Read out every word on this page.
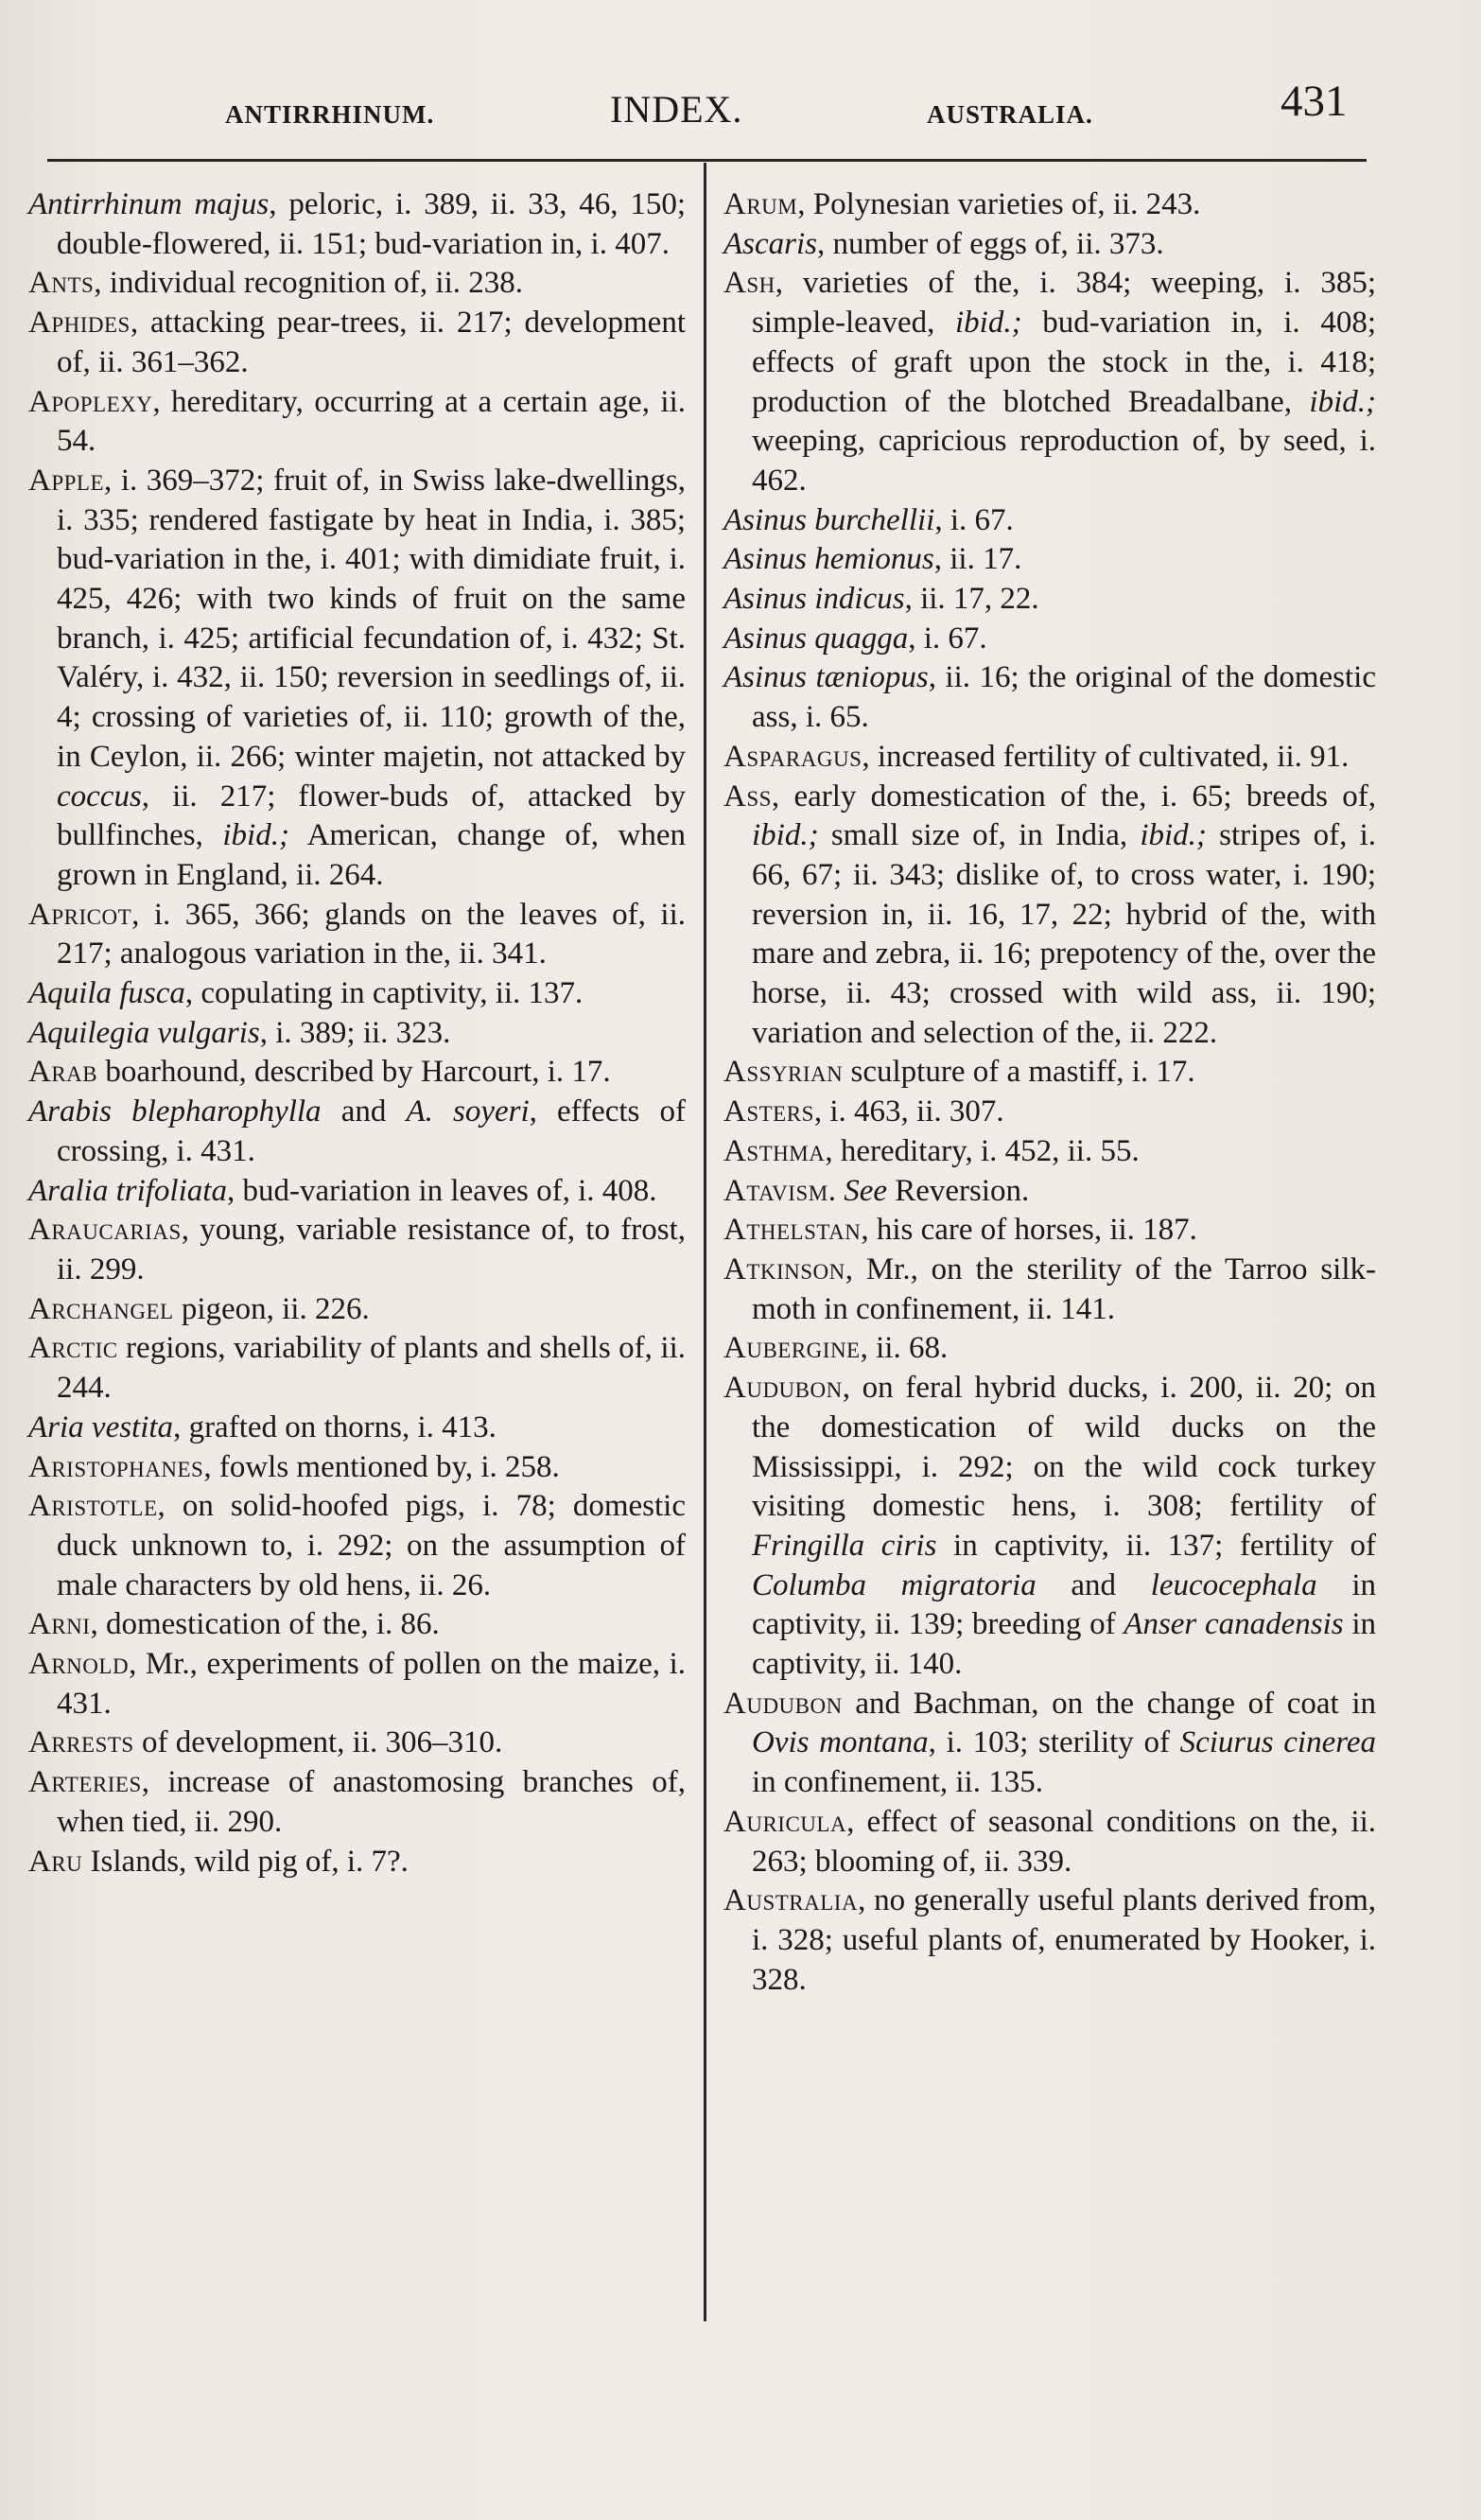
ANTIRRHINUM.	INDEX.	AUSTRALIA.	431
Antirrhinum majus, peloric, i. 389, ii. 33, 46, 150; double-flowered, ii. 151; bud-variation in, i. 407.
Ants, individual recognition of, ii. 238.
Aphides, attacking pear-trees, ii. 217; development of, ii. 361–362.
Apoplexy, hereditary, occurring at a certain age, ii. 54.
Apple, i. 369–372; fruit of, in Swiss lake-dwellings, i. 335; rendered fastigate by heat in India, i. 385; bud-variation in the, i. 401; with dimidiate fruit, i. 425, 426; with two kinds of fruit on the same branch, i. 425; artificial fecundation of, i. 432; St. Valéry, i. 432, ii. 150; reversion in seedlings of, ii. 4; crossing of varieties of, ii. 110; growth of the, in Ceylon, ii. 266; winter majetin, not attacked by coccus, ii. 217; flower-buds of, attacked by bullfinches, ibid.; American, change of, when grown in England, ii. 264.
Apricot, i. 365, 366; glands on the leaves of, ii. 217; analogous variation in the, ii. 341.
Aquila fusca, copulating in captivity, ii. 137.
Aquilegia vulgaris, i. 389; ii. 323.
Arab boarhound, described by Harcourt, i. 17.
Arabis blepharophylla and A. soyeri, effects of crossing, i. 431.
Aralia trifoliata, bud-variation in leaves of, i. 408.
Araucarias, young, variable resistance of, to frost, ii. 299.
Archangel pigeon, ii. 226.
Arctic regions, variability of plants and shells of, ii. 244.
Aria vestita, grafted on thorns, i. 413.
Aristophanes, fowls mentioned by, i. 258.
Aristotle, on solid-hoofed pigs, i. 78; domestic duck unknown to, i. 292; on the assumption of male characters by old hens, ii. 26.
Arni, domestication of the, i. 86.
Arnold, Mr., experiments of pollen on the maize, i. 431.
Arrests of development, ii. 306–310.
Arteries, increase of anastomosing branches of, when tied, ii. 290.
Aru Islands, wild pig of, i. 7?.
Arum, Polynesian varieties of, ii. 243.
Ascaris, number of eggs of, ii. 373.
Ash, varieties of the, i. 384; weeping, i. 385; simple-leaved, ibid.; bud-variation in, i. 408; effects of graft upon the stock in the, i. 418; production of the blotched Breadalbane, ibid.; weeping, capricious reproduction of, by seed, i. 462.
Asinus burchellii, i. 67.
Asinus hemionus, ii. 17.
Asinus indicus, ii. 17, 22.
Asinus quagga, i. 67.
Asinus tæniopus, ii. 16; the original of the domestic ass, i. 65.
Asparagus, increased fertility of cultivated, ii. 91.
Ass, early domestication of the, i. 65; breeds of, ibid.; small size of, in India, ibid.; stripes of, i. 66, 67; ii. 343; dislike of, to cross water, i. 190; reversion in, ii. 16, 17, 22; hybrid of the, with mare and zebra, ii. 16; prepotency of the, over the horse, ii. 43; crossed with wild ass, ii. 190; variation and selection of the, ii. 222.
Assyrian sculpture of a mastiff, i. 17.
Asters, i. 463, ii. 307.
Asthma, hereditary, i. 452, ii. 55.
Atavism. See Reversion.
Athelstan, his care of horses, ii. 187.
Atkinson, Mr., on the sterility of the Tarroo silk-moth in confinement, ii. 141.
Aubergine, ii. 68.
Audubon, on feral hybrid ducks, i. 200, ii. 20; on the domestication of wild ducks on the Mississippi, i. 292; on the wild cock turkey visiting domestic hens, i. 308; fertility of Fringilla ciris in captivity, ii. 137; fertility of Columba migratoria and leucocephala in captivity, ii. 139; breeding of Anser canadensis in captivity, ii. 140.
Audubon and Bachman, on the change of coat in Ovis montana, i. 103; sterility of Sciurus cinerea in confinement, ii. 135.
Auricula, effect of seasonal conditions on the, ii. 263; blooming of, ii. 339.
Australia, no generally useful plants derived from, i. 328; useful plants of, enumerated by Hooker, i. 328.
